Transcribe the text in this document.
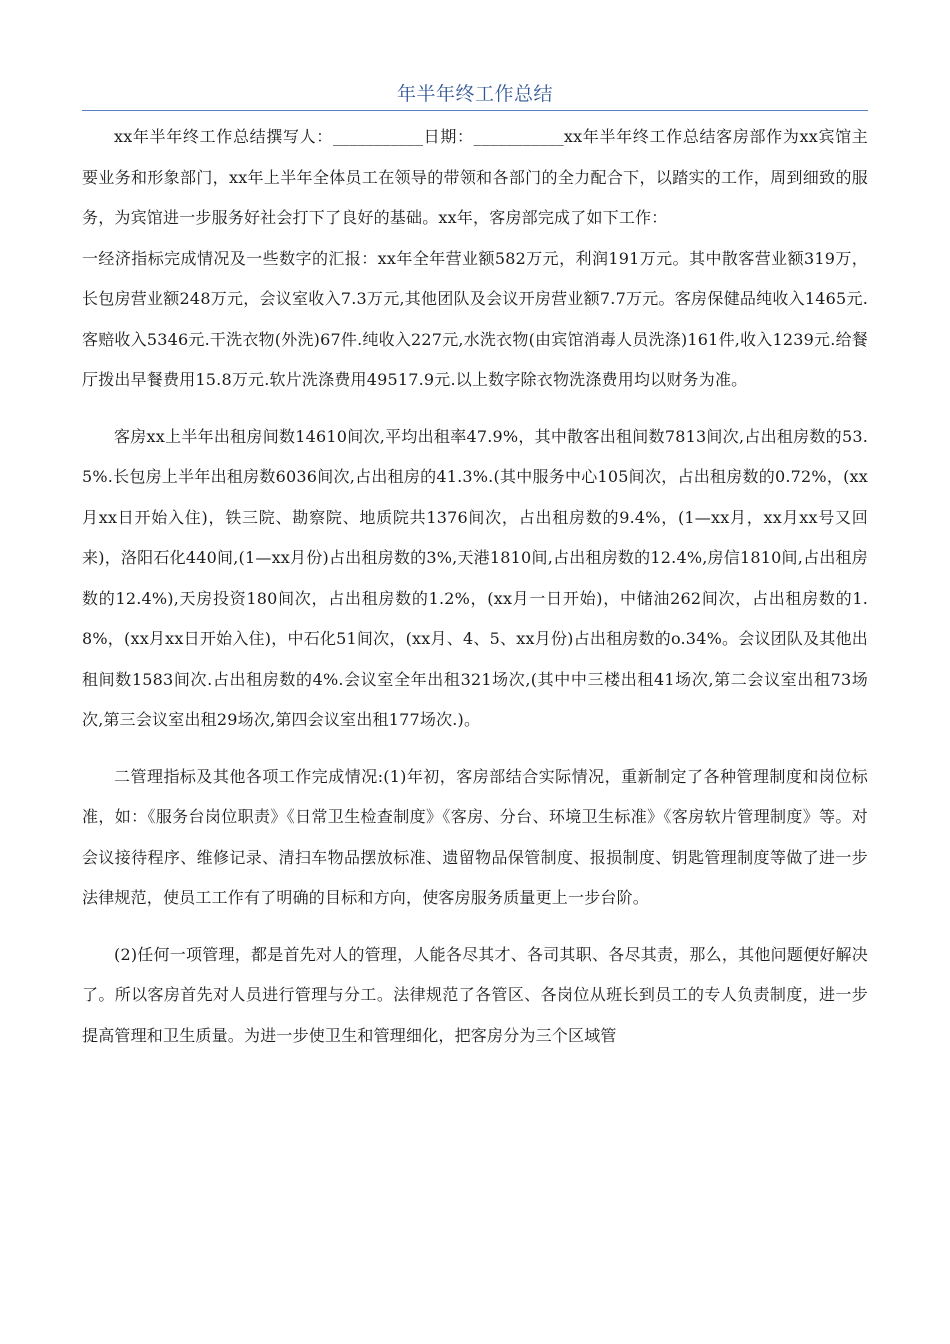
年半年终工作总结

xx年半年终工作总结撰写人：___________日期：___________xx年半年终工作总结客房部作为xx宾馆主要业务和形象部门，xx年上半年全体员工在领导的带领和各部门的全力配合下，以踏实的工作，周到细致的服务，为宾馆进一步服务好社会打下了良好的基础。xx年，客房部完成了如下工作：

一经济指标完成情况及一些数字的汇报：xx年全年营业额582万元，利润191万元。其中散客营业额319万，长包房营业额248万元，会议室收入7.3万元,其他团队及会议开房营业额7.7万元。客房保健品纯收入1465元.客赔收入5346元.干洗衣物(外洗)67件.纯收入227元,水洗衣物(由宾馆消毒人员洗涤)161件,收入1239元.给餐厅拨出早餐费用15.8万元.软片洗涤费用49517.9元.以上数字除衣物洗涤费用均以财务为准。

客房xx上半年出租房间数14610间次,平均出租率47.9%，其中散客出租间数7813间次,占出租房数的53.5%.长包房上半年出租房数6036间次,占出租房的41.3%.(其中服务中心105间次，占出租房数的0.72%，(xx月xx日开始入住)，铁三院、勘察院、地质院共1376间次，占出租房数的9.4%，(1—xx月，xx月xx号又回来)，洛阳石化440间,(1—xx月份)占出租房数的3%,天港1810间,占出租房数的12.4%,房信1810间,占出租房数的12.4%),天房投资180间次，占出租房数的1.2%，(xx月一日开始)，中储油262间次，占出租房数的1.8%，(xx月xx日开始入住)，中石化51间次，(xx月、4、5、xx月份)占出租房数的o.34%。会议团队及其他出租间数1583间次.占出租房数的4%.会议室全年出租321场次,(其中中三楼出租41场次,第二会议室出租73场次,第三会议室出租29场次,第四会议室出租177场次.)。

二管理指标及其他各项工作完成情况:(1)年初，客房部结合实际情况，重新制定了各种管理制度和岗位标准，如：《服务台岗位职责》《日常卫生检查制度》《客房、分台、环境卫生标准》《客房软片管理制度》等。对会议接待程序、维修记录、清扫车物品摆放标准、遗留物品保管制度、报损制度、钥匙管理制度等做了进一步法律规范，使员工工作有了明确的目标和方向，使客房服务质量更上一步台阶。

(2)任何一项管理，都是首先对人的管理，人能各尽其才、各司其职、各尽其责，那么，其他问题便好解决了。所以客房首先对人员进行管理与分工。法律规范了各管区、各岗位从班长到员工的专人负责制度，进一步提高管理和卫生质量。为进一步使卫生和管理细化，把客房分为三个区域管
